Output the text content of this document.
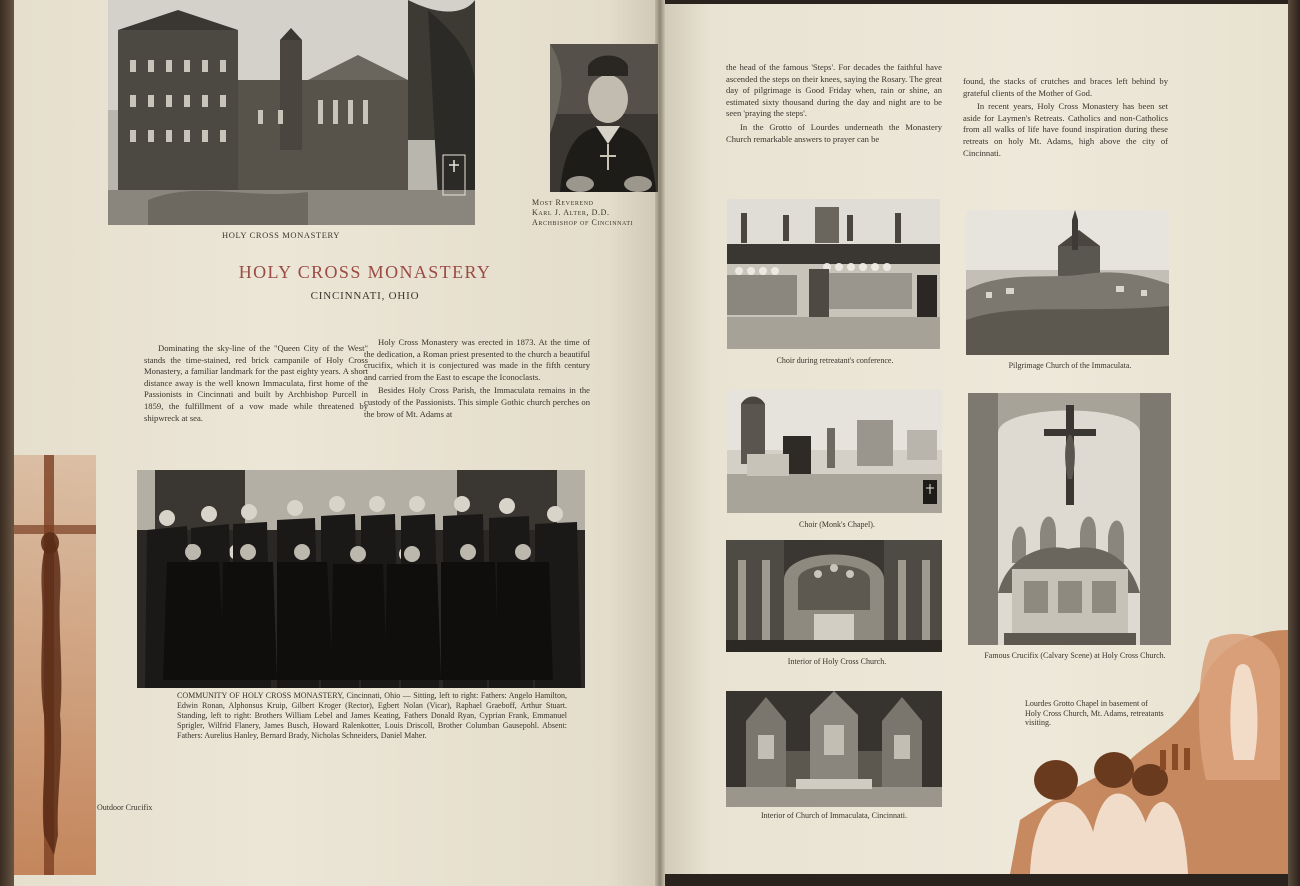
HOLY CROSS MONASTERY
Most Reverend
Karl J. Alter, D.D.
Archbishop of Cincinnati
HOLY CROSS MONASTERY
CINCINNATI, OHIO

Dominating the sky-line of the "Queen City of the West" stands the time-stained, red brick campanile of Holy Cross Monastery, a familiar landmark for the past eighty years. A short distance away is the well known Immaculata, first home of the Passionists in Cincinnati and built by Archbishop Purcell in 1859, the fulfillment of a vow made while threatened by shipwreck at sea.

Holy Cross Monastery was erected in 1873. At the time of the dedication, a Roman priest presented to the church a beautiful crucifix, which it is conjectured was made in the fifth century and carried from the East to escape the Iconoclasts.

Besides Holy Cross Parish, the Immaculata remains in the custody of the Passionists. This simple Gothic church perches on the brow of Mt. Adams at

Outdoor Crucifix
COMMUNITY OF HOLY CROSS MONASTERY, Cincinnati, Ohio — Sitting, left to right: Fathers: Angelo Hamilton, Edwin Ronan, Alphonsus Kruip, Gilbert Kroger (Rector), Egbert Nolan (Vicar), Raphael Graeboff, Arthur Stuart. Standing, left to right: Brothers William Lebel and James Keating, Fathers Donald Ryan, Cyprian Frank, Emmanuel Sprigler, Wilfrid Flanery, James Busch, Howard Ralenkotter, Louis Driscoll, Brother Columban Gausepohl. Absent: Fathers: Aurelius Hanley, Bernard Brady, Nicholas Schneiders, Daniel Maher.

the head of the famous 'Steps'. For decades the faithful have ascended the steps on their knees, saying the Rosary. The great day of pilgrimage is Good Friday when, rain or shine, an estimated sixty thousand during the day and night are to be seen 'praying the steps'.

In the Grotto of Lourdes underneath the Monastery Church remarkable answers to prayer can be

found, the stacks of crutches and braces left behind by grateful clients of the Mother of God.

In recent years, Holy Cross Monastery has been set aside for Laymen's Retreats. Catholics and non-Catholics from all walks of life have found inspiration during these retreats on holy Mt. Adams, high above the city of Cincinnati.

Choir during retreatant's conference.
Pilgrimage Church of the Immaculata.
Choir (Monk's Chapel).
Famous Crucifix (Calvary Scene) at Holy Cross Church.
Interior of Holy Cross Church.
Interior of Church of Immaculata, Cincinnati.
Lourdes Grotto Chapel in basement of Holy Cross Church, Mt. Adams, retreatants visiting.
